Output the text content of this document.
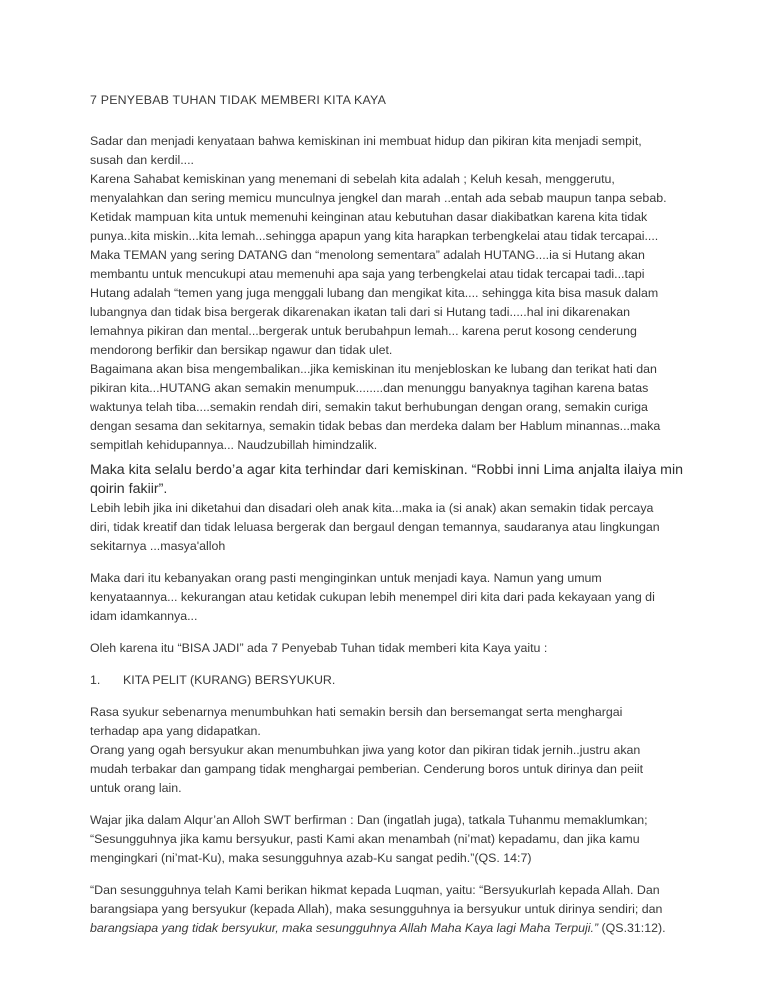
7 PENYEBAB TUHAN TIDAK MEMBERI KITA KAYA

Sadar dan menjadi kenyataan bahwa kemiskinan ini membuat hidup dan pikiran kita menjadi sempit,
susah dan kerdil....
Karena Sahabat kemiskinan yang menemani di sebelah kita adalah ; Keluh kesah, menggerutu,
menyalahkan dan sering memicu munculnya jengkel dan marah ..entah ada sebab maupun tanpa sebab.
Ketidak mampuan kita untuk memenuhi keinginan atau kebutuhan dasar diakibatkan karena kita tidak
punya..kita miskin...kita lemah...sehingga apapun yang kita harapkan terbengkelai atau tidak tercapai....
Maka TEMAN yang sering DATANG dan “menolong sementara” adalah HUTANG....ia si Hutang akan
membantu untuk mencukupi atau memenuhi apa saja yang terbengkelai atau tidak tercapai tadi...tapi
Hutang adalah “temen yang juga menggali lubang dan mengikat kita.... sehingga kita bisa masuk dalam
lubangnya dan tidak bisa bergerak dikarenakan ikatan tali dari si Hutang tadi.....hal ini dikarenakan
lemahnya pikiran dan mental...bergerak untuk berubahpun lemah... karena perut kosong cenderung
mendorong berfikir dan bersikap ngawur dan tidak ulet.
Bagaimana akan bisa mengembalikan...jika kemiskinan itu menjebloskan ke lubang dan terikat hati dan
pikiran kita...HUTANG akan semakin menumpuk........dan menunggu banyaknya tagihan karena batas
waktunya telah tiba....semakin rendah diri, semakin takut berhubungan dengan orang, semakin curiga
dengan sesama dan sekitarnya, semakin tidak bebas dan merdeka dalam ber Hablum minannas...maka
sempitlah kehidupannya... Naudzubillah himindzalik.

Maka kita selalu berdo’a agar kita terhindar dari kemiskinan. “Robbi inni Lima anjalta ilaiya min
qoirin fakiir”.

Lebih lebih jika ini diketahui dan disadari oleh anak kita...maka ia (si anak) akan semakin tidak percaya
diri, tidak kreatif dan tidak leluasa bergerak dan bergaul dengan temannya, saudaranya atau lingkungan
sekitarnya ...masya'alloh

Maka dari itu kebanyakan orang pasti menginginkan untuk menjadi kaya. Namun yang umum
kenyataannya... kekurangan atau ketidak cukupan lebih menempel diri kita dari pada kekayaan yang di
idam idamkannya...

Oleh karena itu “BISA JADI” ada 7 Penyebab Tuhan tidak memberi kita Kaya yaitu :

1. KITA PELIT (KURANG) BERSYUKUR.

Rasa syukur sebenarnya menumbuhkan hati semakin bersih dan bersemangat serta menghargai
terhadap apa yang didapatkan.
Orang yang ogah bersyukur akan menumbuhkan jiwa yang kotor dan pikiran tidak jernih..justru akan
mudah terbakar dan gampang tidak menghargai pemberian. Cenderung boros untuk dirinya dan peiit
untuk orang lain.

Wajar jika dalam Alqur’an Alloh SWT berfirman : Dan (ingatlah juga), tatkala Tuhanmu memaklumkan;
“Sesungguhnya jika kamu bersyukur, pasti Kami akan menambah (ni’mat) kepadamu, dan jika kamu
mengingkari (ni’mat-Ku), maka sesungguhnya azab-Ku sangat pedih.”(QS. 14:7)

“Dan sesungguhnya telah Kami berikan hikmat kepada Luqman, yaitu: “Bersyukurlah kepada Allah. Dan
barangsiapa yang bersyukur (kepada Allah), maka sesungguhnya ia bersyukur untuk dirinya sendiri; dan
barangsiapa yang tidak bersyukur, maka sesungguhnya Allah Maha Kaya lagi Maha Terpuji.” (QS.31:12).
